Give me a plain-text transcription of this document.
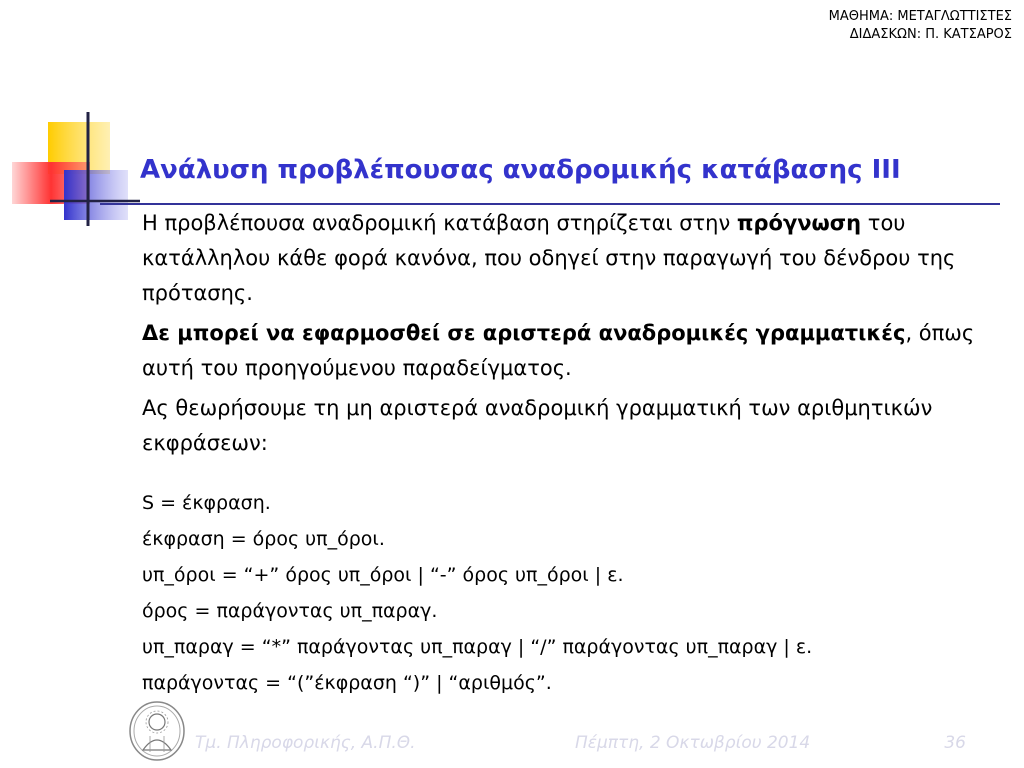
ΜΑΘΗΜΑ: ΜΕΤΑΓΛΩΤΤΙΣΤΕΣ
ΔΙΔΑΣΚΩΝ: Π. ΚΑΤΣΑΡΟΣ
Ανάλυση προβλέπουσας αναδρομικής κατάβασης ΙΙΙ

Η προβλέπουσα αναδρομική κατάβαση στηρίζεται στην πρόγνωση του κατάλληλου κάθε φορά κανόνα, που οδηγεί στην παραγωγή του δένδρου της πρότασης.

Δε μπορεί να εφαρμοσθεί σε αριστερά αναδρομικές γραμματικές, όπως αυτή του προηγούμενου παραδείγματος.

Ας θεωρήσουμε τη μη αριστερά αναδρομική γραμματική των αριθμητικών εκφράσεων:

S = έκφραση.
έκφραση = όρος υπ_όροι.
υπ_όροι = “+” όρος υπ_όροι | “-” όρος υπ_όροι | ε.
όρος = παράγοντας υπ_παραγ.
υπ_παραγ = “*” παράγοντας υπ_παραγ | “/” παράγοντας υπ_παραγ | ε.
παράγοντας = “(”έκφραση “)” | “αριθμός”.
Τμ. Πληροφορικής, Α.Π.Θ.	Πέμπτη, 2 Οκτωβρίου 2014	36
